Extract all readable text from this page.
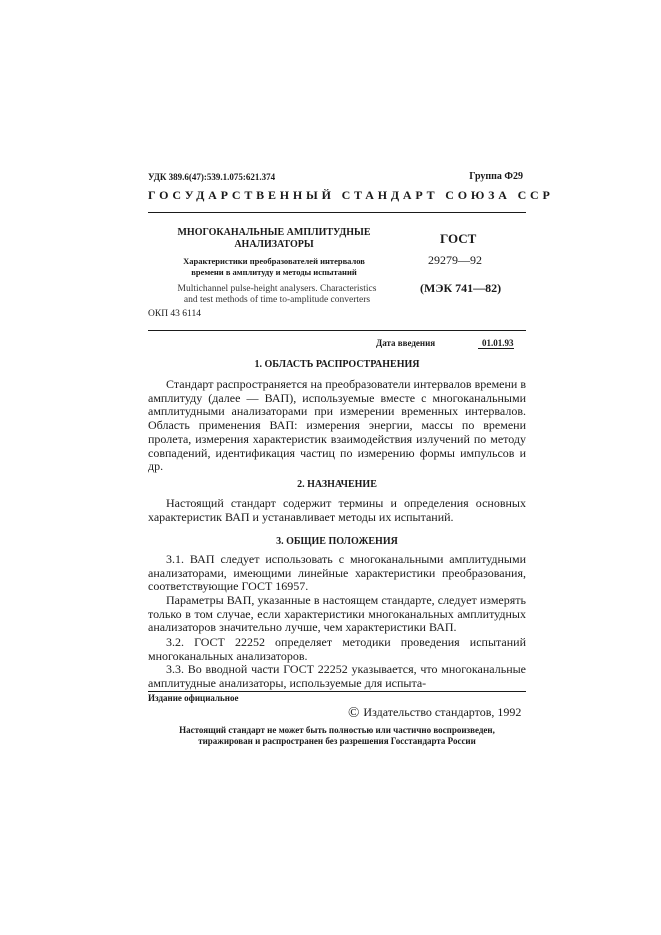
УДК 389.6(47):539.1.075:621.374	Группа Ф29

ГОСУДАРСТВЕННЫЙ СТАНДАРТ СОЮЗА ССР

МНОГОКАНАЛЬНЫЕ АМПЛИТУДНЫЕ
АНАЛИЗАТОРЫ
Характеристики преобразователей интервалов
времени в амплитуду и методы испытаний
Multichannel pulse-height analysers. Characteristics
and test methods of time to-amplitude converters

ОКП 43 6114

ГОСТ

29279—92

(МЭК 741—82)

Дата введения	01.01.93

1. ОБЛАСТЬ РАСПРОСТРАНЕНИЯ

Стандарт распространяется на преобразователи интервалов времени в амплитуду (далее — ВАП), используемые вместе с многоканальными амплитудными анализаторами при измерении временных интервалов. Область применения ВАП: измерения энергии, массы по времени пролета, измерения характеристик взаимодействия излучений по методу совпадений, идентификация частиц по измерению формы импульсов и др.

2. НАЗНАЧЕНИЕ

Настоящий стандарт содержит термины и определения основных характеристик ВАП и устанавливает методы их испытаний.

3. ОБЩИЕ ПОЛОЖЕНИЯ

3.1. ВАП следует использовать с многоканальными амплитудными анализаторами, имеющими линейные характеристики преобразования, соответствующие ГОСТ 16957.

Параметры ВАП, указанные в настоящем стандарте, следует измерять только в том случае, если характеристики многоканальных амплитудных анализаторов значительно лучше, чем характеристики ВАП.

3.2. ГОСТ 22252 определяет методики проведения испытаний многоканальных анализаторов.

3.3. Во вводной части ГОСТ 22252 указывается, что многоканальные амплитудные анализаторы, используемые для испыта-

Издание официальное

© Издательство стандартов, 1992

Настоящий стандарт не может быть полностью или частично воспроизведен,
тиражирован и распространен без разрешения Госстандарта России
